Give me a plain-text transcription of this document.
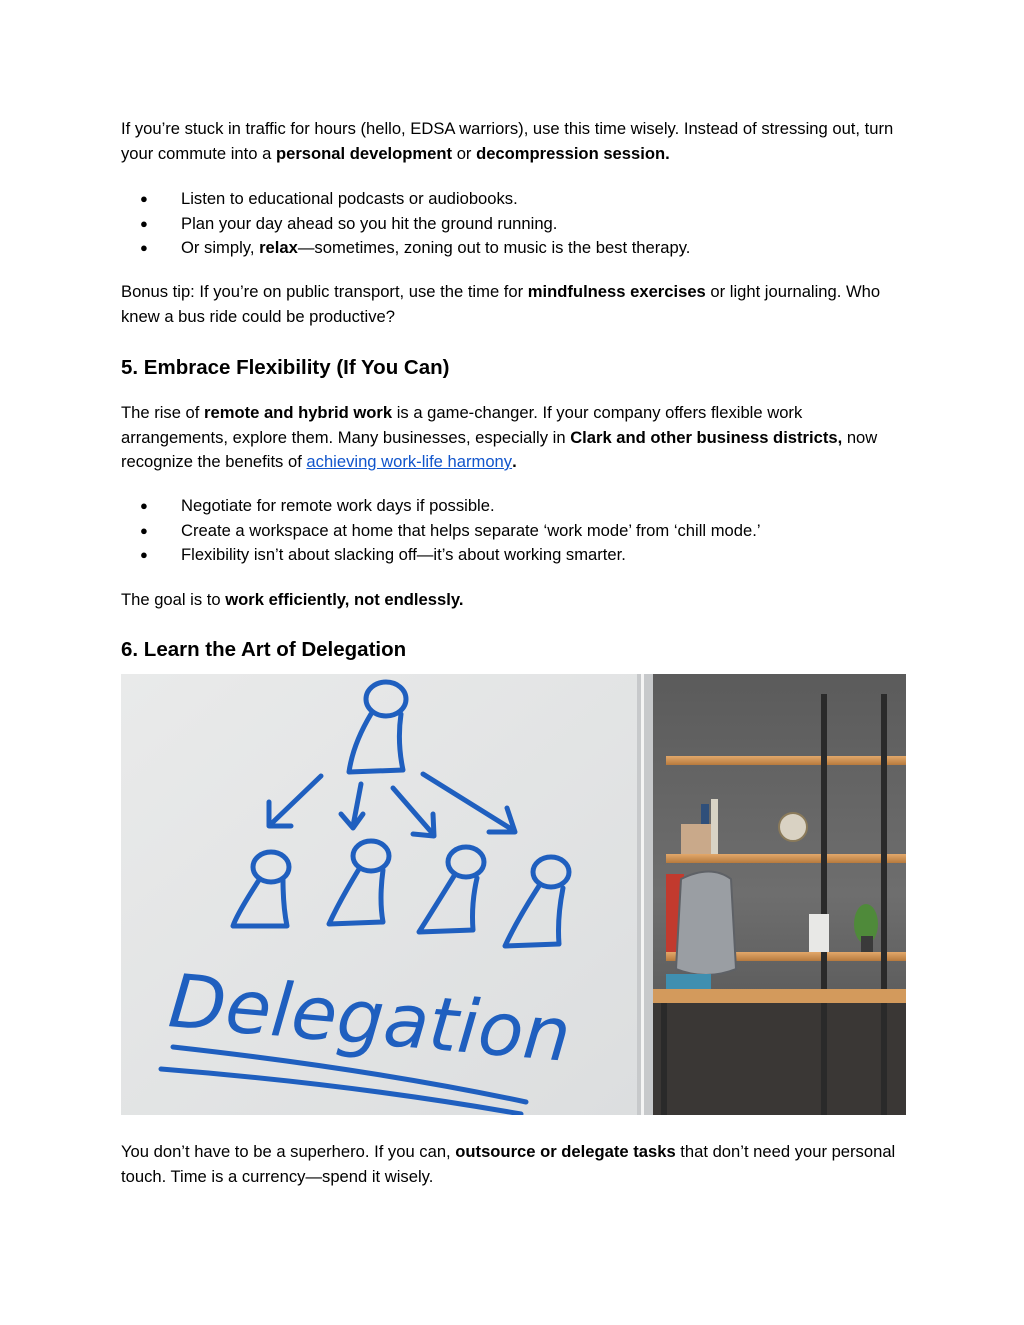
If you’re stuck in traffic for hours (hello, EDSA warriors), use this time wisely. Instead of stressing out, turn your commute into a personal development or decompression session.

● Listen to educational podcasts or audiobooks.
● Plan your day ahead so you hit the ground running.
● Or simply, relax—sometimes, zoning out to music is the best therapy.

Bonus tip: If you’re on public transport, use the time for mindfulness exercises or light journaling. Who knew a bus ride could be productive?

5. Embrace Flexibility (If You Can)

The rise of remote and hybrid work is a game-changer. If your company offers flexible work arrangements, explore them. Many businesses, especially in Clark and other business districts, now recognize the benefits of achieving work-life harmony.

● Negotiate for remote work days if possible.
● Create a workspace at home that helps separate ‘work mode’ from ‘chill mode.’
● Flexibility isn’t about slacking off—it’s about working smarter.

The goal is to work efficiently, not endlessly.

6. Learn the Art of Delegation
Delegation

You don’t have to be a superhero. If you can, outsource or delegate tasks that don’t need your personal touch. Time is a currency—spend it wisely.
